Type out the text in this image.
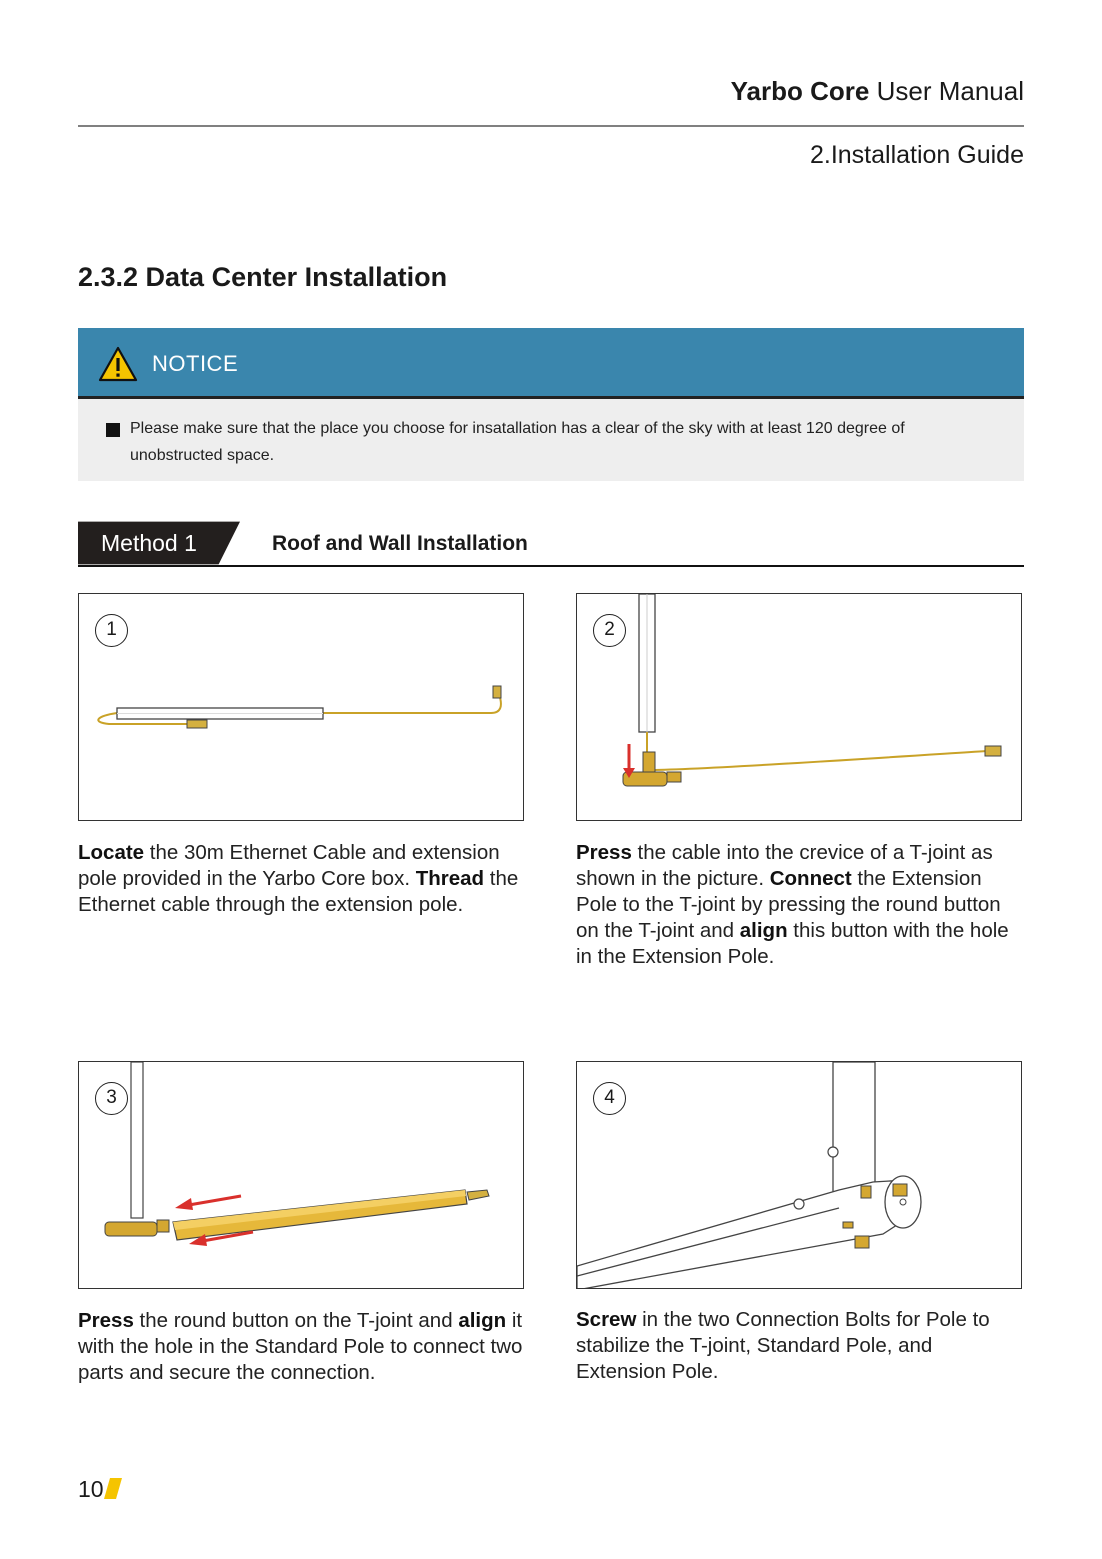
Yarbo Core User Manual
2.Installation Guide
2.3.2 Data Center Installation
NOTICE
Please make sure that the place you choose for insatallation has a clear of the sky with at least 120 degree of unobstructed space.
Method 1	Roof and Wall Installation
1

Locate the 30m Ethernet Cable and extension pole provided in the Yarbo Core box. Thread the Ethernet cable through the extension pole.

2

Press the cable into the crevice of a T-joint as shown in the picture. Connect the Extension Pole to the T-joint by pressing the round button on the T-joint and align this button with the hole in the Extension Pole.

3

Press the round button on the T-joint and align it with the hole in the Standard Pole to connect two parts and secure the connection.

4

Screw in the two Connection Bolts for Pole to stabilize the T-joint, Standard Pole, and Extension Pole.

10
